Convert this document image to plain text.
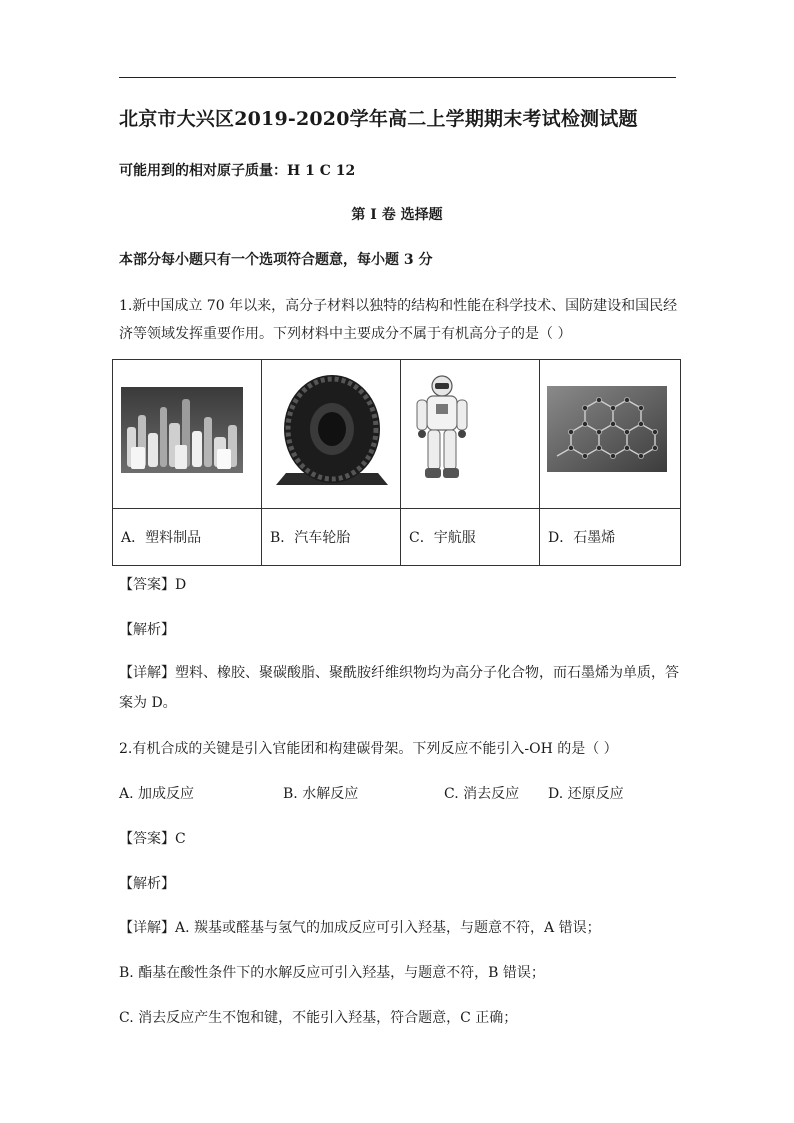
北京市大兴区2019-2020学年高二上学期期末考试检测试题
可能用到的相对原子质量：H 1 C 12
第 I 卷 选择题
本部分每小题只有一个选项符合题意，每小题 3 分
1.新中国成立 70 年以来，高分子材料以独特的结构和性能在科学技术、国防建设和国民经
济等领域发挥重要作用。下列材料中主要成分不属于有机高分子的是（ ）

A．塑料制品	B．汽车轮胎	C．宇航服	D．石墨烯
【答案】D
【解析】
【详解】塑料、橡胶、聚碳酸脂、聚酰胺纤维织物均为高分子化合物，而石墨烯为单质，答
案为 D。
2.有机合成的关键是引入官能团和构建碳骨架。下列反应不能引入-OH 的是（ ）
A. 加成反应	B. 水解反应	C. 消去反应 D. 还原反应
【答案】C
【解析】
【详解】A. 羰基或醛基与氢气的加成反应可引入羟基，与题意不符，A 错误；
B. 酯基在酸性条件下的水解反应可引入羟基，与题意不符，B 错误；
C. 消去反应产生不饱和键，不能引入羟基，符合题意，C 正确；
